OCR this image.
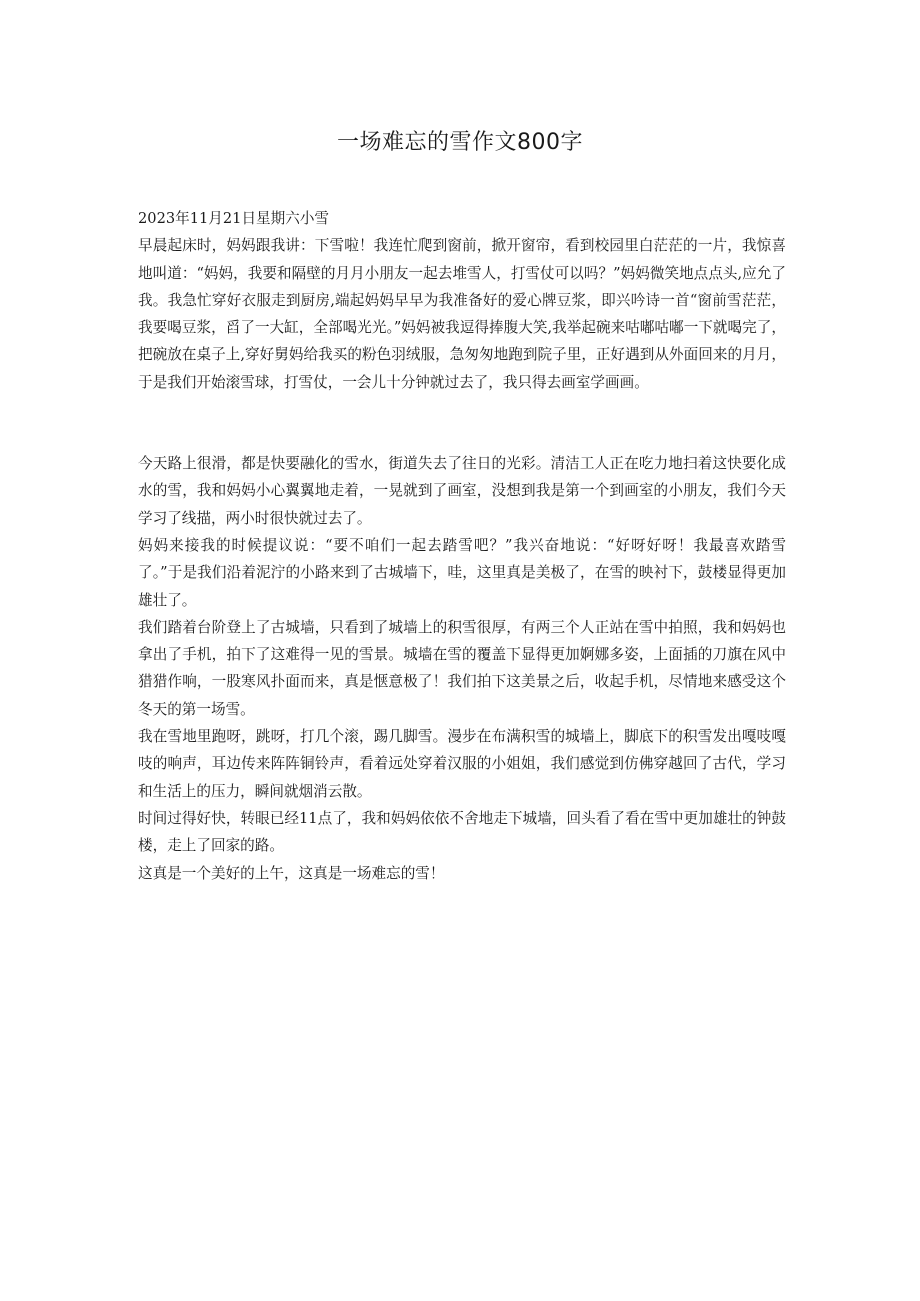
一场难忘的雪作文800字

2023年11月21日星期六小雪

早晨起床时，妈妈跟我讲：下雪啦！我连忙爬到窗前，掀开窗帘，看到校园里白茫茫的一片，我惊喜地叫道：“妈妈，我要和隔壁的月月小朋友一起去堆雪人，打雪仗可以吗？”妈妈微笑地点点头,应允了我。我急忙穿好衣服走到厨房,端起妈妈早早为我准备好的爱心牌豆浆，即兴吟诗一首“窗前雪茫茫，我要喝豆浆，舀了一大缸，全部喝光光。”妈妈被我逗得捧腹大笑,我举起碗来咕嘟咕嘟一下就喝完了，把碗放在桌子上,穿好舅妈给我买的粉色羽绒服，急匆匆地跑到院子里，正好遇到从外面回来的月月，于是我们开始滚雪球，打雪仗，一会儿十分钟就过去了，我只得去画室学画画。

今天路上很滑，都是快要融化的雪水，街道失去了往日的光彩。清洁工人正在吃力地扫着这快要化成水的雪，我和妈妈小心翼翼地走着，一晃就到了画室，没想到我是第一个到画室的小朋友，我们今天学习了线描，两小时很快就过去了。

妈妈来接我的时候提议说：“要不咱们一起去踏雪吧？”我兴奋地说：“好呀好呀！我最喜欢踏雪了。”于是我们沿着泥泞的小路来到了古城墙下，哇，这里真是美极了，在雪的映衬下，鼓楼显得更加雄壮了。

我们踏着台阶登上了古城墙，只看到了城墙上的积雪很厚，有两三个人正站在雪中拍照，我和妈妈也拿出了手机，拍下了这难得一见的雪景。城墙在雪的覆盖下显得更加婀娜多姿，上面插的刀旗在风中猎猎作响，一股寒风扑面而来，真是惬意极了！我们拍下这美景之后，收起手机，尽情地来感受这个冬天的第一场雪。

我在雪地里跑呀，跳呀，打几个滚，踢几脚雪。漫步在布满积雪的城墙上，脚底下的积雪发出嘎吱嘎吱的响声，耳边传来阵阵铜铃声，看着远处穿着汉服的小姐姐，我们感觉到仿佛穿越回了古代，学习和生活上的压力，瞬间就烟消云散。

时间过得好快，转眼已经11点了，我和妈妈依依不舍地走下城墙，回头看了看在雪中更加雄壮的钟鼓楼，走上了回家的路。

这真是一个美好的上午，这真是一场难忘的雪！
